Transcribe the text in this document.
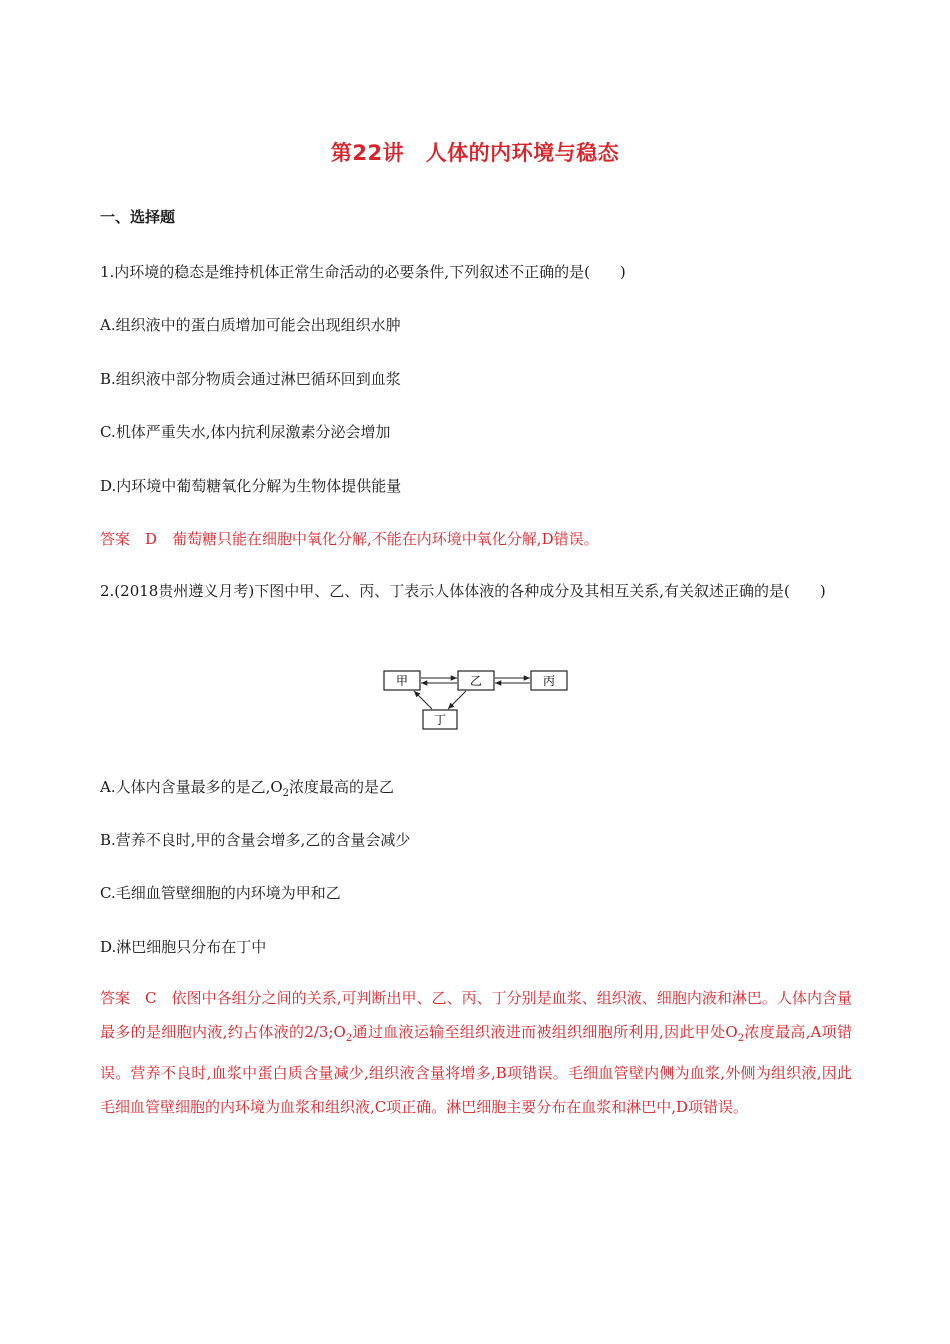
第22讲　人体的内环境与稳态
一、选择题
1.内环境的稳态是维持机体正常生命活动的必要条件,下列叙述不正确的是(　　)
A.组织液中的蛋白质增加可能会出现组织水肿
B.组织液中部分物质会通过淋巴循环回到血浆
C.机体严重失水,体内抗利尿激素分泌会增加
D.内环境中葡萄糖氧化分解为生物体提供能量
答案　D　葡萄糖只能在细胞中氧化分解,不能在内环境中氧化分解,D错误。
2.(2018贵州遵义月考)下图中甲、乙、丙、丁表示人体体液的各种成分及其相互关系,有关叙述正确的是(　　)
甲	乙	丙
丁
A.人体内含量最多的是乙$,O_2$浓度最高的是乙
B.营养不良时,甲的含量会增多,乙的含量会减少
C.毛细血管壁细胞的内环境为甲和乙
D.淋巴细胞只分布在丁中
答案　C　依图中各组分之间的关系,可判断出甲、乙、丙、丁分别是血浆、组织液、细胞内液和淋巴。人体内含量最多的是细胞内液,约占体液的$2/3;O_2$通过血液运输至组织液进而被组织细胞所利用,因此甲处$O_2$浓度最高,A项错误。营养不良时,血浆中蛋白质含量减少,组织液含量将增多,B项错误。毛细血管壁内侧为血浆,外侧为组织液,因此毛细血管壁细胞的内环境为血浆和组织液,C项正确。淋巴细胞主要分布在血浆和淋巴中,D项错误。
